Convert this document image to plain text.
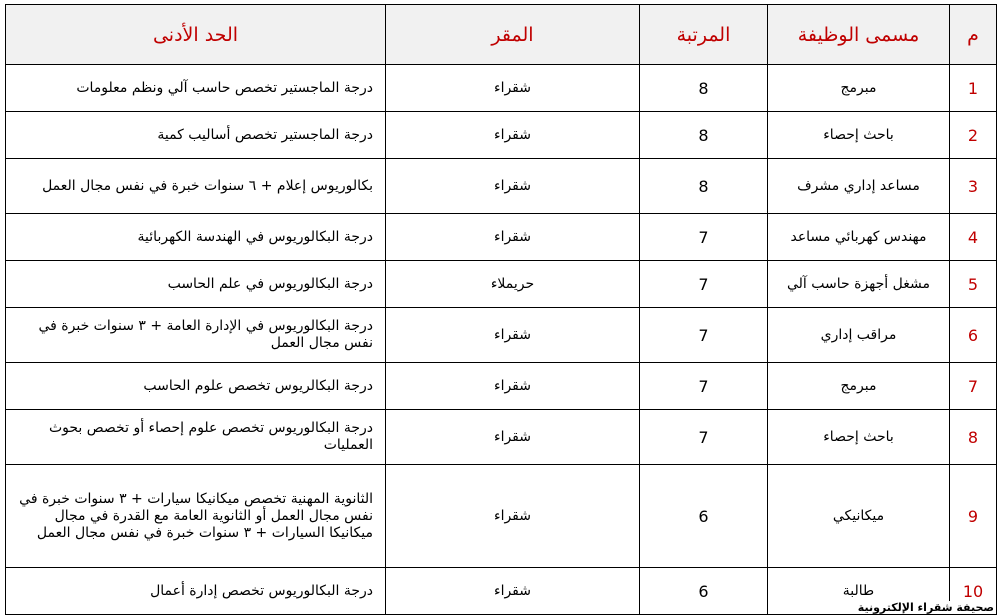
م	مسمى الوظيفة	المرتبة	المقر	الحد الأدنى
1	مبرمج	8	شقراء	درجة الماجستير تخصص حاسب آلي ونظم معلومات
2	باحث إحصاء	8	شقراء	درجة الماجستير تخصص أساليب كمية
3	مساعد إداري مشرف	8	شقراء	بكالوريوس إعلام + ٦ سنوات خبرة في نفس مجال العمل
4	مهندس كهربائي مساعد	7	شقراء	درجة البكالوريوس في الهندسة الكهربائية
5	مشغل أجهزة حاسب آلي	7	حريملاء	درجة البكالوريوس في علم الحاسب
6	مراقب إداري	7	شقراء	درجة البكالوريوس في الإدارة العامة + ٣ سنوات خبرة في نفس مجال العمل
7	مبرمج	7	شقراء	درجة البكالريوس تخصص علوم الحاسب
8	باحث إحصاء	7	شقراء	درجة البكالوريوس تخصص علوم إحصاء أو تخصص بحوث العمليات
9	ميكانيكي	6	شقراء	الثانوية المهنية تخصص ميكانيكا سيارات + ٣ سنوات خبرة في نفس مجال العمل أو الثانوية العامة مع القدرة في مجال ميكانيكا السيارات + ٣ سنوات خبرة في نفس مجال العمل
10	طالبة	6	شقراء	درجة البكالوريوس تخصص إدارة أعمال
صحيفة شقراء الإلكترونية
